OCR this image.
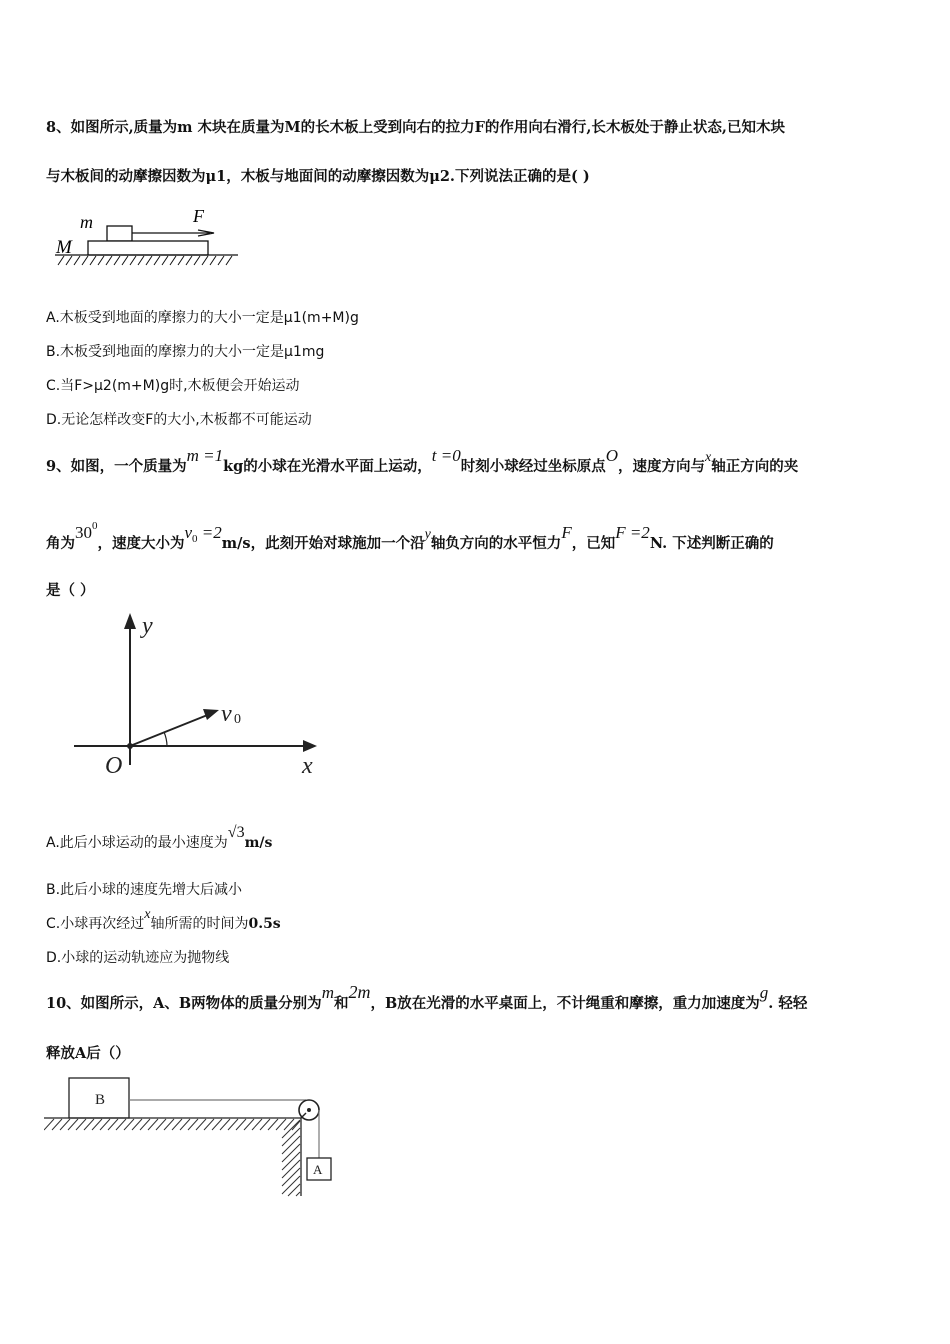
8、如图所示,质量为m 木块在质量为M的长木板上受到向右的拉力F的作用向右滑行,长木板处于静止状态,已知木块
与木板间的动摩擦因数为μ1，木板与地面间的动摩擦因数为μ2.下列说法正确的是( )
m	F
M
A.木板受到地面的摩擦力的大小一定是μ1(m+M)g
B.木板受到地面的摩擦力的大小一定是μ1mg
C.当F>μ2(m+M)g时,木板便会开始运动
D.无论怎样改变F的大小,木板都不可能运动
9、如图，一个质量为m =1kg的小球在光滑水平面上运动，t =0时刻小球经过坐标原点O，速度方向与x轴正方向的夹
角为$30^0$，速度大小为$v_0 =2m/s$，此刻开始对球施加一个沿y轴负方向的水平恒力F，已知F =2N. 下述判断正确的
是（ ）
y
v 0
O	x
A.此后小球运动的最小速度为√3m/s
B.此后小球的速度先增大后减小
C.小球再次经过x轴所需的时间为0.5s
D.小球的运动轨迹应为抛物线
10、如图所示，A、B两物体的质量分别为m和2m，B放在光滑的水平桌面上，不计绳重和摩擦，重力加速度为g. 轻轻
释放A后（）
B
A
